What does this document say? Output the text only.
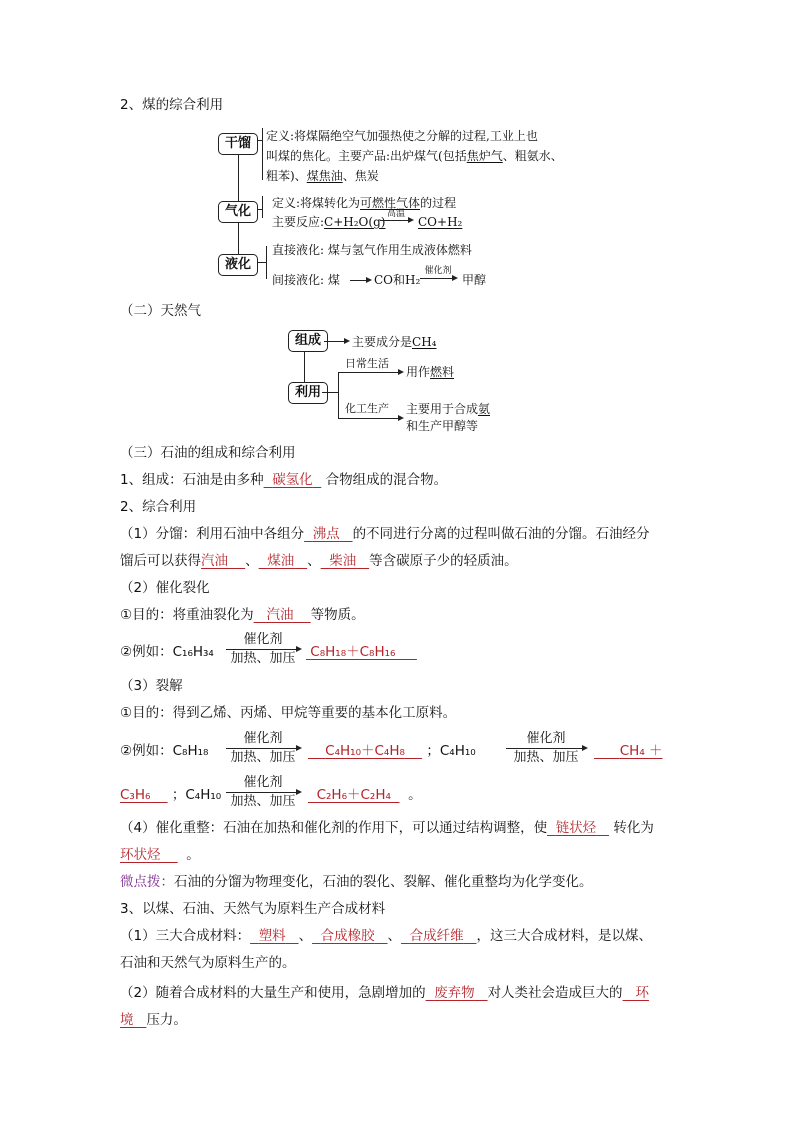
2、煤的综合利用
干馏	定义:将煤隔绝空气加强热使之分解的过程,工业上也
叫煤的焦化。主要产品:出炉煤气(包括焦炉气、粗氨水、
粗苯)、煤焦油、焦炭
气化
定义:将煤转化为可燃性气体的过程
主要反应:C+H₂O(g)
高温
CO+H₂
液化
直接液化: 煤与氢气作用生成液体燃料
间接液化: 煤	CO和H₂
催化剂
甲醇
（二）天然气
组成	主要成分是CH₄
利用
日常生活
用作燃料
化工生产 主要用于合成氨
和生产甲醇等
（三）石油的组成和综合利用
1、组成：石油是由多种 碳氢化 合物组成的混合物。
2、综合利用
（1）分馏：利用石油中各组分 沸点 的不同进行分离的过程叫做石油的分馏。石油经分
馏后可以获得汽油 、 煤油 、 柴油 等含碳原子少的轻质油。
（2）催化裂化
①目的：将重油裂化为 汽油 等物质。
②例如：C₁₆H₃₄
催化剂
加热、加压	C₈H₁₈＋C₈H₁₆
（3）裂解
①目的：得到乙烯、丙烯、甲烷等重要的基本化工原料。
②例如：C₈H₁₈
催化剂
加热、加压	C₄H₁₀＋C₄H₈ ；C₄H₁₀
催化剂
加热、加压	CH₄ ＋
C₃H₆ ；C₄H₁₀
催化剂
加热、加压	C₂H₆＋C₂H₄ 。
（4）催化重整：石油在加热和催化剂的作用下，可以通过结构调整，使 链状烃 转化为
环状烃 。
微点拨：石油的分馏为物理变化，石油的裂化、裂解、催化重整均为化学变化。
3、以煤、石油、天然气为原料生产合成材料
（1）三大合成材料： 塑料 、 合成橡胶 、 合成纤维 ，这三大合成材料，是以煤、
石油和天然气为原料生产的。
（2）随着合成材料的大量生产和使用，急剧增加的 废弃物 对人类社会造成巨大的 环
境 压力。
